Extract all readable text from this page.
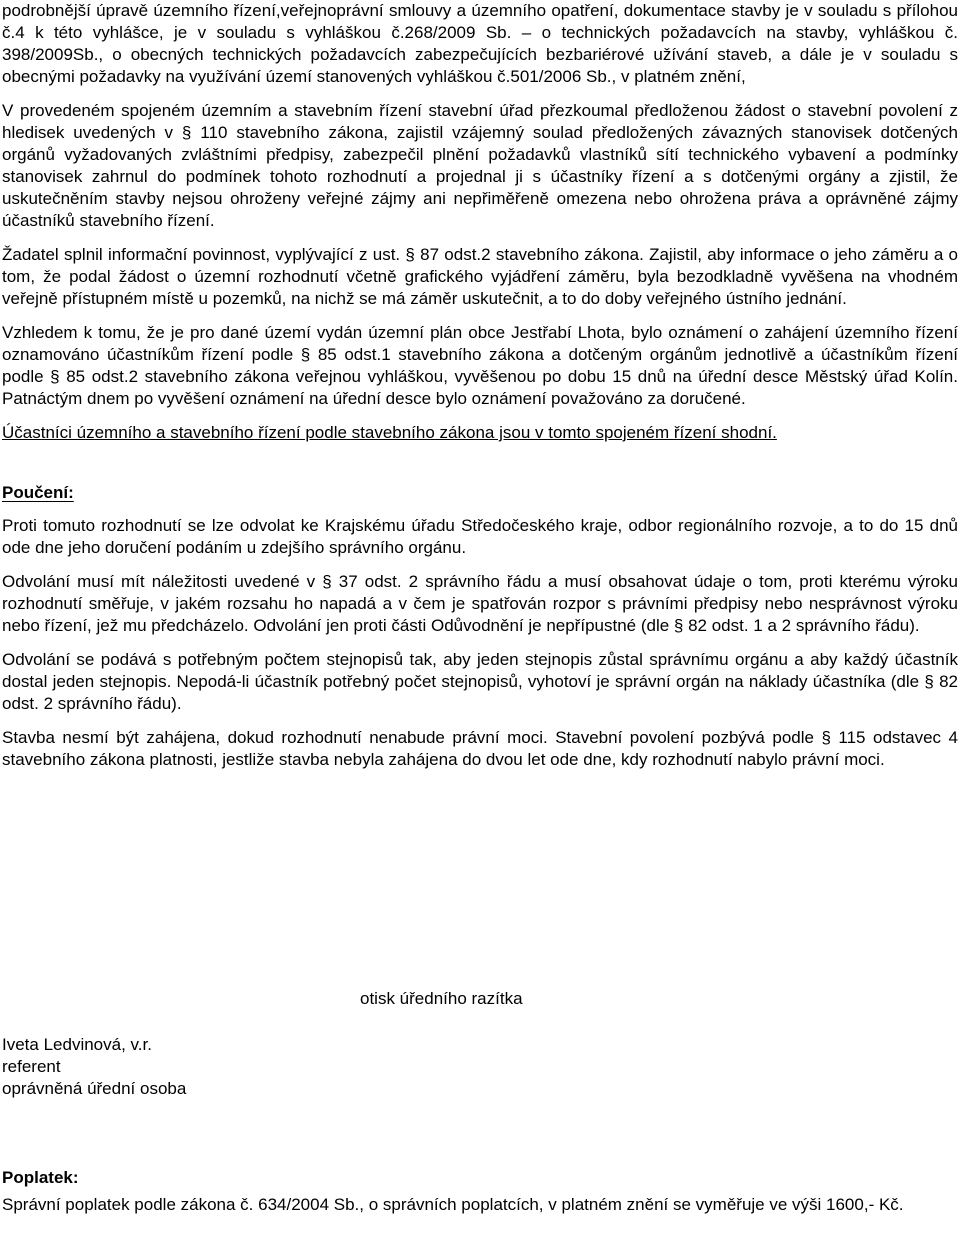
podrobnější úpravě územního řízení,veřejnoprávní smlouvy a územního opatření, dokumentace stavby je v souladu s přílohou č.4 k této vyhlášce, je v souladu s vyhláškou č.268/2009 Sb. – o technických požadavcích na stavby, vyhláškou č. 398/2009Sb., o obecných technických požadavcích zabezpečujících bezbariérové užívání staveb, a dále je v souladu s obecnými požadavky na využívání území stanovených vyhláškou č.501/2006 Sb., v platném znění,

V provedeném spojeném územním a stavebním řízení stavební úřad přezkoumal předloženou žádost o stavební povolení z hledisek uvedených v § 110 stavebního zákona, zajistil vzájemný soulad předložených závazných stanovisek dotčených orgánů vyžadovaných zvláštními předpisy, zabezpečil plnění požadavků vlastníků sítí technického vybavení a podmínky stanovisek zahrnul do podmínek tohoto rozhodnutí a projednal ji s účastníky řízení a s dotčenými orgány a zjistil, že uskutečněním stavby nejsou ohroženy veřejné zájmy ani nepřiměřeně omezena nebo ohrožena práva a oprávněné zájmy účastníků stavebního řízení.

Žadatel splnil informační povinnost, vyplývající z ust. § 87 odst.2 stavebního zákona. Zajistil, aby informace o jeho záměru a o tom, že podal žádost o územní rozhodnutí včetně grafického vyjádření záměru, byla bezodkladně vyvěšena na vhodném veřejně přístupném místě u pozemků, na nichž se má záměr uskutečnit, a to do doby veřejného ústního jednání.

Vzhledem k tomu, že je pro dané území vydán územní plán obce Jestřabí Lhota, bylo oznámení o zahájení územního řízení oznamováno účastníkům řízení podle § 85 odst.1 stavebního zákona a dotčeným orgánům jednotlivě a účastníkům řízení podle § 85 odst.2 stavebního zákona veřejnou vyhláškou, vyvěšenou po dobu 15 dnů na úřední desce Městský úřad Kolín. Patnáctým dnem po vyvěšení oznámení na úřední desce bylo oznámení považováno za doručené.

Účastníci územního a stavebního řízení podle stavebního zákona jsou v tomto spojeném řízení shodní.

Poučení:

Proti tomuto rozhodnutí se lze odvolat ke Krajskému úřadu Středočeského kraje, odbor regionálního rozvoje, a to do 15 dnů ode dne jeho doručení podáním u zdejšího správního orgánu.

Odvolání musí mít náležitosti uvedené v § 37 odst. 2 správního řádu a musí obsahovat údaje o tom, proti kterému výroku rozhodnutí směřuje, v jakém rozsahu ho napadá a v čem je spatřován rozpor s právními předpisy nebo nesprávnost výroku nebo řízení, jež mu předcházelo. Odvolání jen proti části Odůvodnění je nepřípustné (dle § 82 odst. 1 a 2 správního řádu).

Odvolání se podává s potřebným počtem stejnopisů tak, aby jeden stejnopis zůstal správnímu orgánu a aby každý účastník dostal jeden stejnopis. Nepodá-li účastník potřebný počet stejnopisů, vyhotoví je správní orgán na náklady účastníka (dle § 82 odst. 2 správního řádu).

Stavba nesmí být zahájena, dokud rozhodnutí nenabude právní moci. Stavební povolení pozbývá podle § 115 odstavec 4 stavebního zákona platnosti, jestliže stavba nebyla zahájena do dvou let ode dne, kdy rozhodnutí nabylo právní moci.

otisk úředního razítka
Iveta Ledvinová, v.r.
referent
oprávněná úřední osoba

Poplatek:

Správní poplatek podle zákona č. 634/2004 Sb., o správních poplatcích, v platném znění se vyměřuje ve výši 1600,- Kč.
